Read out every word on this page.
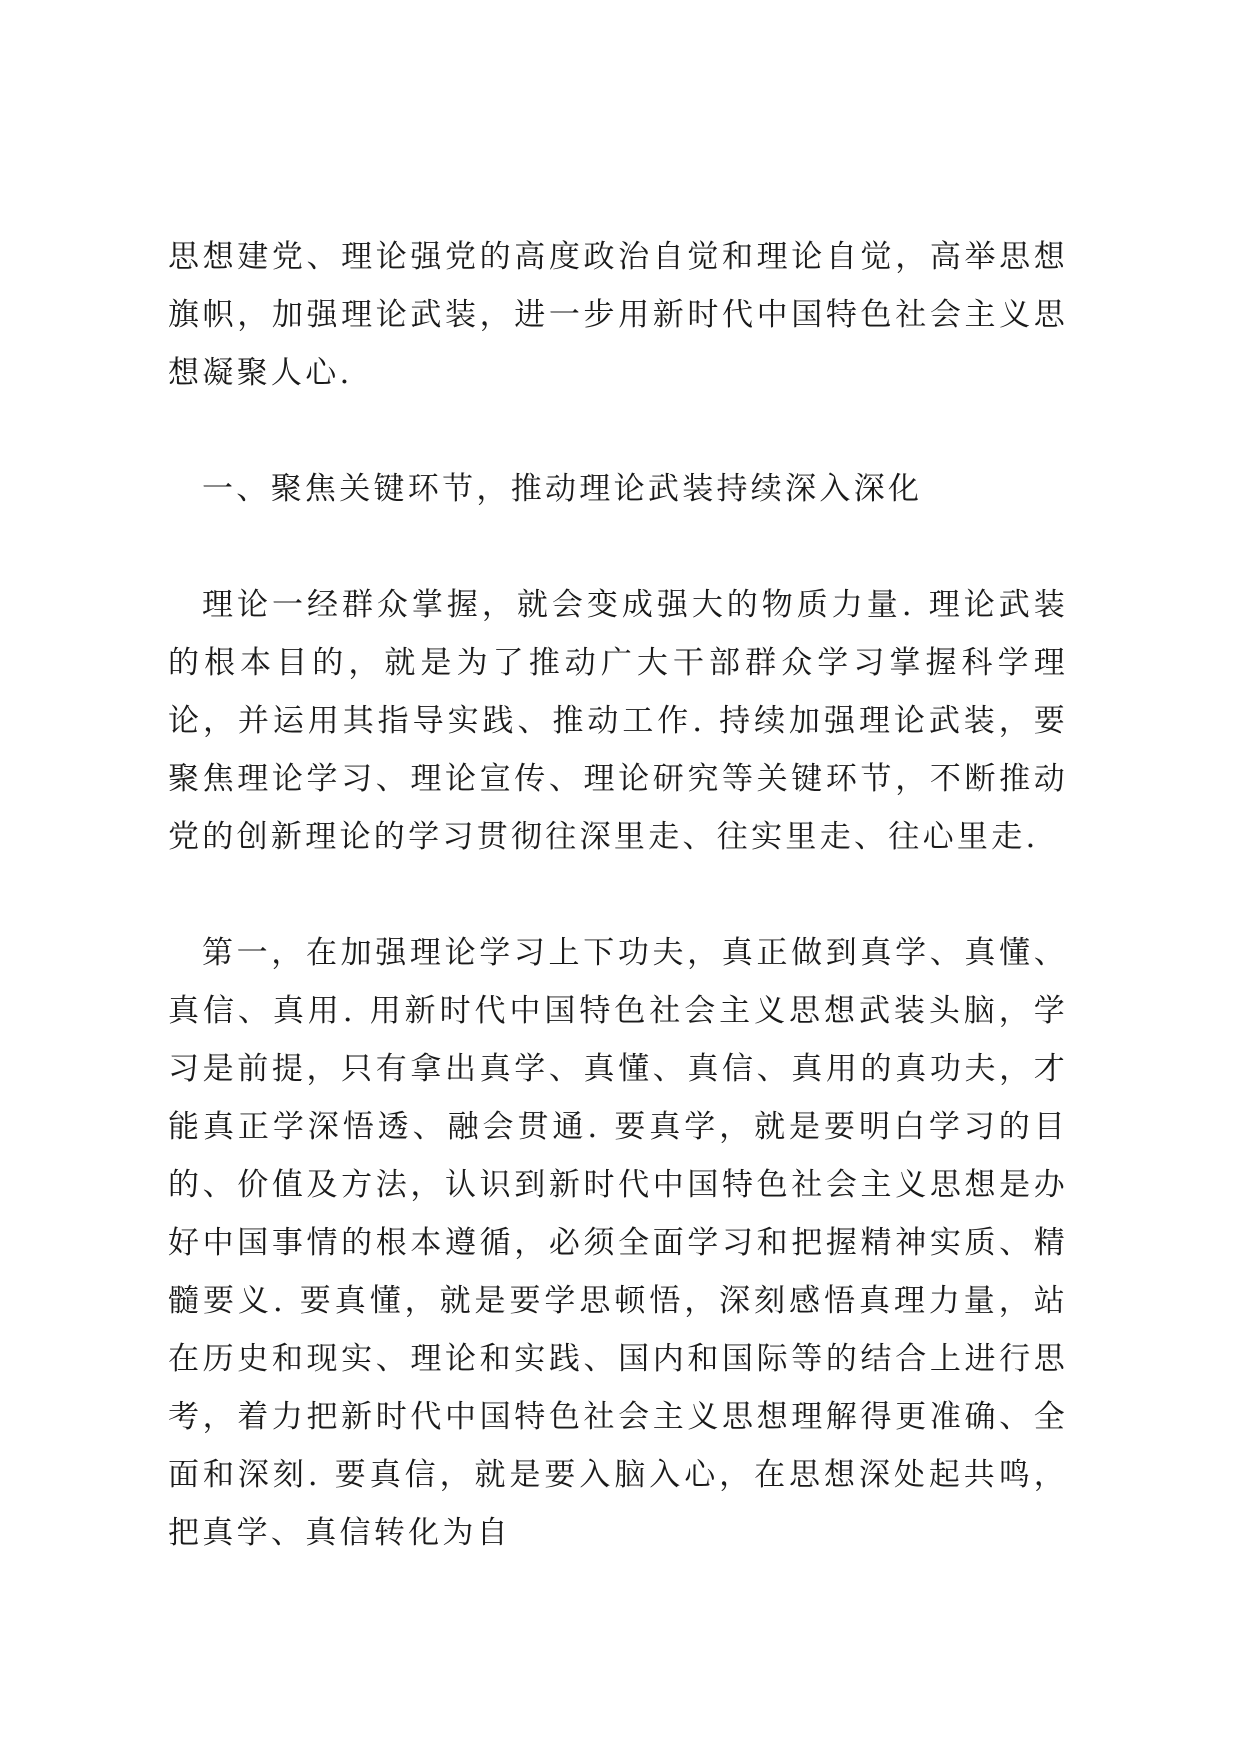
思想建党、理论强党的高度政治自觉和理论自觉，高举思想旗帜，加强理论武装，进一步用新时代中国特色社会主义思想凝聚人心.

一、聚焦关键环节，推动理论武装持续深入深化

理论一经群众掌握，就会变成强大的物质力量. 理论武装的根本目的，就是为了推动广大干部群众学习掌握科学理论，并运用其指导实践、推动工作. 持续加强理论武装，要聚焦理论学习、理论宣传、理论研究等关键环节，不断推动党的创新理论的学习贯彻往深里走、往实里走、往心里走.

第一，在加强理论学习上下功夫，真正做到真学、真懂、真信、真用. 用新时代中国特色社会主义思想武装头脑，学习是前提，只有拿出真学、真懂、真信、真用的真功夫，才能真正学深悟透、融会贯通. 要真学，就是要明白学习的目的、价值及方法，认识到新时代中国特色社会主义思想是办好中国事情的根本遵循，必须全面学习和把握精神实质、精髓要义. 要真懂，就是要学思顿悟，深刻感悟真理力量，站在历史和现实、理论和实践、国内和国际等的结合上进行思考，着力把新时代中国特色社会主义思想理解得更准确、全面和深刻. 要真信，就是要入脑入心，在思想深处起共鸣，把真学、真信转化为自
